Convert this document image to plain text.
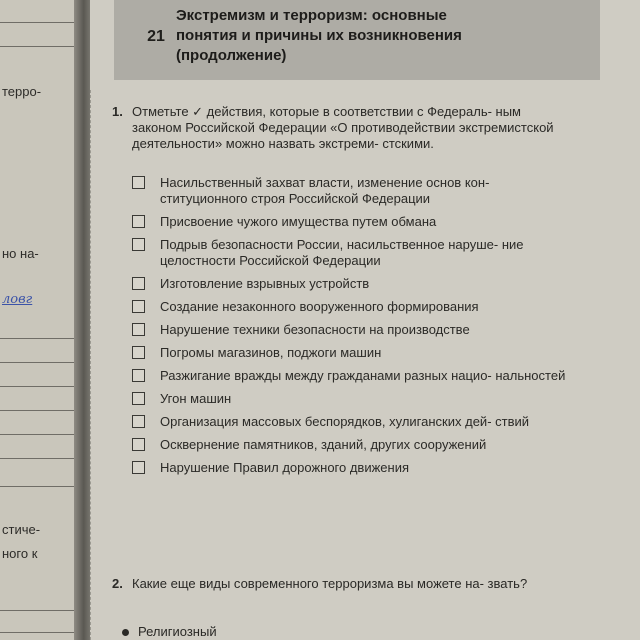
терро-
но на-
ловг
стиче-
ного к
21
Экстремизм и терроризм: основные
понятия и причины их возникновения
(продолжение)
1. Отметьте ✓ действия, которые в соответствии с Федераль- ным законом Российской Федерации «О противодействии экстремистской деятельности» можно назвать экстреми- стскими.
Насильственный захват власти, изменение основ кон- ституционного строя Российской Федерации
Присвоение чужого имущества путем обмана
Подрыв безопасности России, насильственное наруше- ние целостности Российской Федерации
Изготовление взрывных устройств
Создание незаконного вооруженного формирования
Нарушение техники безопасности на производстве
Погромы магазинов, поджоги машин
Разжигание вражды между гражданами разных нацио- нальностей
Угон машин
Организация массовых беспорядков, хулиганских дей- ствий
Осквернение памятников, зданий, других сооружений
Нарушение Правил дорожного движения
2. Какие еще виды современного терроризма вы можете на- звать?
Религиозный
